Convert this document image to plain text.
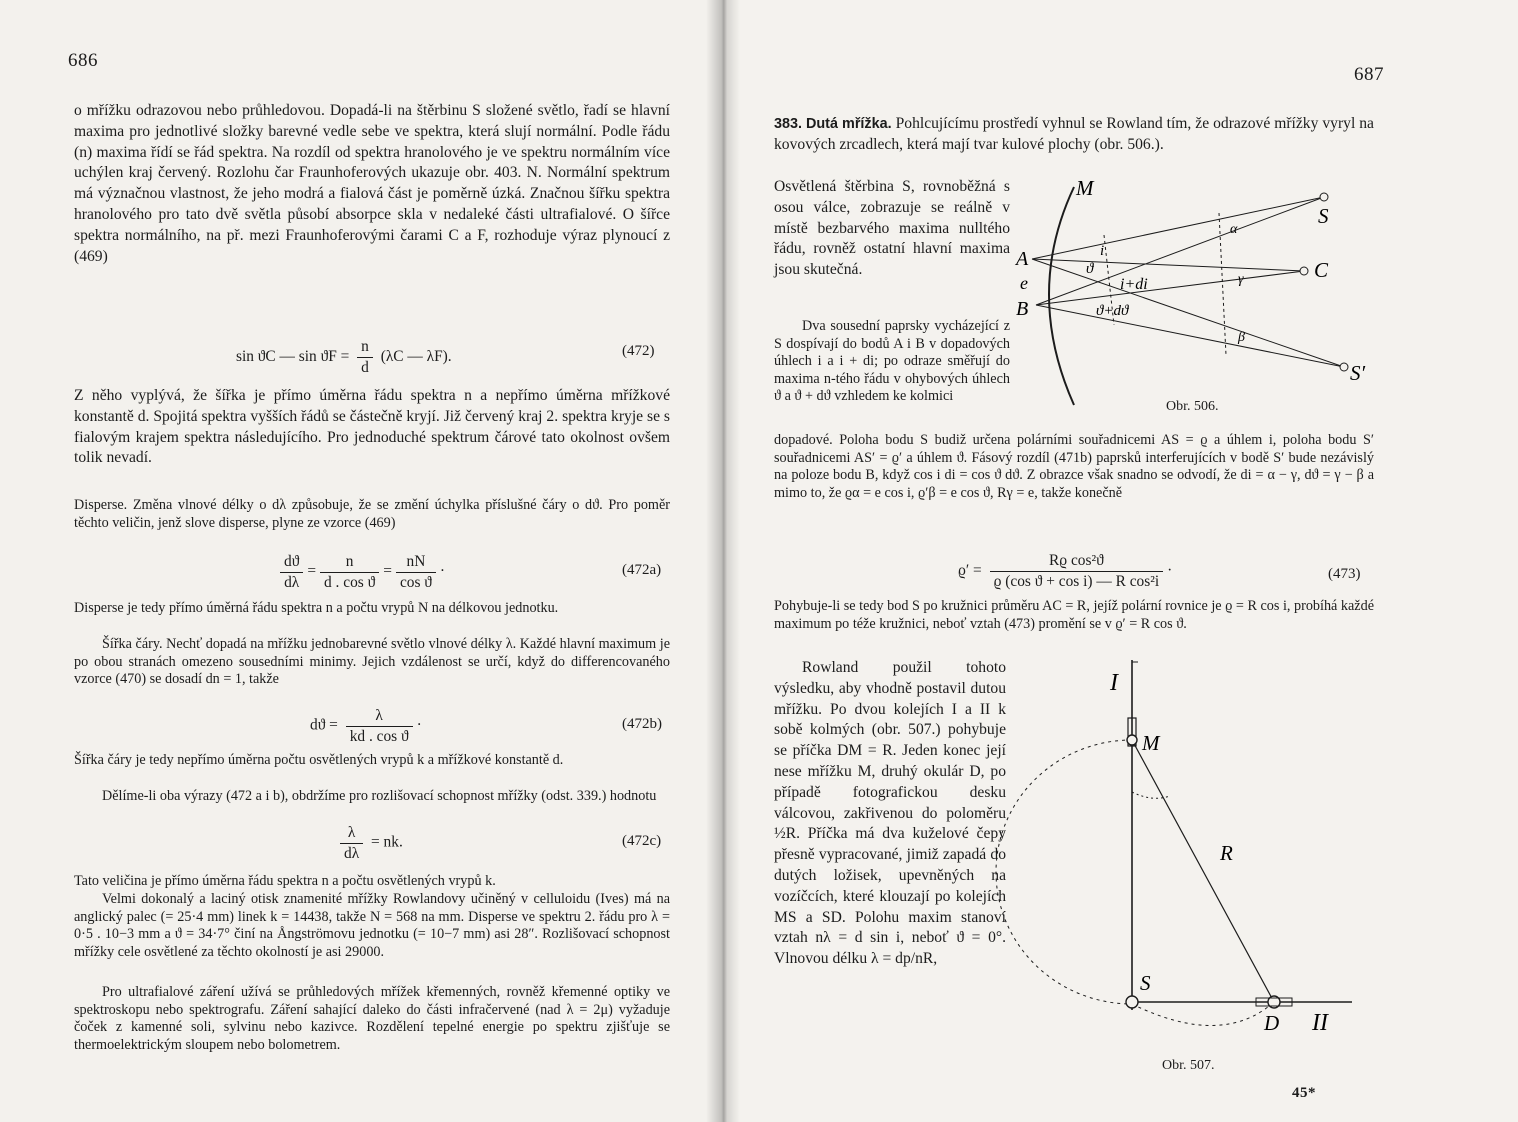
686
o mřížku odrazovou nebo průhledovou. Dopadá-li na štěrbinu S složené světlo, řadí se hlavní maxima pro jednotlivé složky barevné vedle sebe ve spektra, která slují normální. Podle řádu (n) maxima řídí se řád spektra. Na rozdíl od spektra hranolového je ve spektru normálním více uchýlen kraj červený. Rozlohu čar Fraunhoferových ukazuje obr. 403. N. Normální spektrum má význačnou vlastnost, že jeho modrá a fialová část je poměrně úzká. Značnou šířku spektra hranolového pro tato dvě světla působí absorpce skla v nedaleké části ultrafialové. O šířce spektra normálního, na př. mezi Fraunhoferovými čarami C a F, rozhoduje výraz plynoucí z (469)
sin ϑC — $\sin ϑF = \frac{n}{d} (\lambda C$ — λF).	(472)
Z něho vyplývá, že šířka je přímo úměrna řádu spektra n a nepřímo úměrna mřížkové konstantě d. Spojitá spektra vyšších řádů se částečně kryjí. Již červený kraj 2. spektra kryje se s fialovým krajem spektra následujícího. Pro jednoduché spektrum čárové tato okolnost ovšem tolik nevadí.
Disperse. Změna vlnové délky o dλ způsobuje, že se změní úchylka příslušné čáry o dϑ. Pro poměr těchto veličin, jenž slove disperse, plyne ze vzorce (469)
$\frac{dϑ}{d\lambda} = \frac{n}{\text{d . cos ϑ}} = \frac{nN}{\text{cos ϑ}}$ ·	(472a)
Disperse je tedy přímo úměrná řádu spektra n a počtu vrypů N na délkovou jednotku.
Šířka čáry. Nechť dopadá na mřížku jednobarevné světlo vlnové délky λ. Každé hlavní maximum je po obou stranách omezeno sousedními minimy. Jejich vzdálenost se určí, když do differencovaného vzorce (470) se dosadí dn = 1, takže
$dϑ = \frac{\lambda}{\text{kd . cos ϑ}}$ ·	(472b)
Šířka čáry je tedy nepřímo úměrna počtu osvětlených vrypů k a mřížkové konstantě d.
Dělíme-li oba výrazy (472 a i b), obdržíme pro rozlišovací schopnost mřížky (odst. 339.) hodnotu
$\frac{\lambda}{d\lambda}$ = nk.	(472c)
Tato veličina je přímo úměrna řádu spektra n a počtu osvětlených vrypů k.
Velmi dokonalý a laciný otisk znamenité mřížky Rowlandovy učiněný v celluloidu (Ives) má na anglický palec (= 25·4 mm) linek k = 14438, takže N = 568 na mm. Disperse ve spektru 2. řádu pro λ = 0·5 . 10−3 mm a ϑ = 34·7° činí na Ångströmovu jednotku (= 10−7 mm) asi 28″. Rozlišovací schopnost mřížky cele osvětlené za těchto okolností je asi 29000.
Pro ultrafialové záření užívá se průhledových mřížek křemenných, rovněž křemenné optiky ve spektroskopu nebo spektrografu. Záření sahající daleko do části infračervené (nad λ = 2μ) vyžaduje čoček z kamenné soli, sylvinu nebo kazivce. Rozdělení tepelné energie po spektru zjišťuje se thermoelektrickým sloupem nebo bolometrem.
687
383. Dutá mřížka. Pohlcujícímu prostředí vyhnul se Rowland tím, že odrazové mřížky vyryl na kovových zrcadlech, která mají tvar kulové plochy (obr. 506.).
Osvětlená štěrbina S, rovnoběžná s osou válce, zobrazuje se reálně v místě bezbarvého maxima nulltého řádu, rovněž ostatní hlavní maxima jsou skutečná.
Dva sousední paprsky vycházející z S dospívají do bodů A i B v dopadových úhlech i a i + di; po odraze směřují do maxima n-tého řádu v ohybových úhlech ϑ a ϑ + dϑ vzhledem ke kolmici
M
S
C
A
e
B
S′
α
i
ϑ
i+di
ϑ+dϑ
γ
β
Obr. 506.
dopadové. Poloha bodu S budiž určena polárními souřadnicemi AS = ϱ a úhlem i, poloha bodu S′ souřadnicemi AS′ = ϱ′ a úhlem ϑ. Fásový rozdíl (471b) paprsků interferujících v bodě S′ bude nezávislý na poloze bodu B, když cos i di = cos ϑ dϑ. Z obrazce však snadno se odvodí, že di = α − γ, dϑ = γ − β a mimo to, že ϱα = e cos i, ϱ′β = e cos ϑ, Rγ = e, takže konečně
$ϱ' = \frac{\text{Rϱ cos²ϑ}}{\text{ϱ (cos ϑ + cos i) — R cos²i}}$ ·	(473)
Pohybuje-li se tedy bod S po kružnici průměru AC = R, jejíž polární rovnice je ϱ = R cos i, probíhá každé maximum po téže kružnici, neboť vztah (473) promění se v ϱ′ = R cos ϑ.
Rowland použil tohoto výsledku, aby vhodně postavil dutou mřížku. Po dvou kolejích I a II k sobě kolmých (obr. 507.) pohybuje se příčka DM = R. Jeden konec její nese mřížku M, druhý okulár D, po případě fotografickou desku válcovou, zakřivenou do poloměru ½R. Příčka má dva kuželové čepy přesně vypracované, jimiž zapadá do dutých ložisek, upevněných na vozíčcích, které klouzají po kolejích MS a SD. Polohu maxim stanoví vztah nλ = d sin i, neboť ϑ = 0°. Vlnovou délku λ = dp/nR,
I
M
R
S
D II
Obr. 507.
45*
